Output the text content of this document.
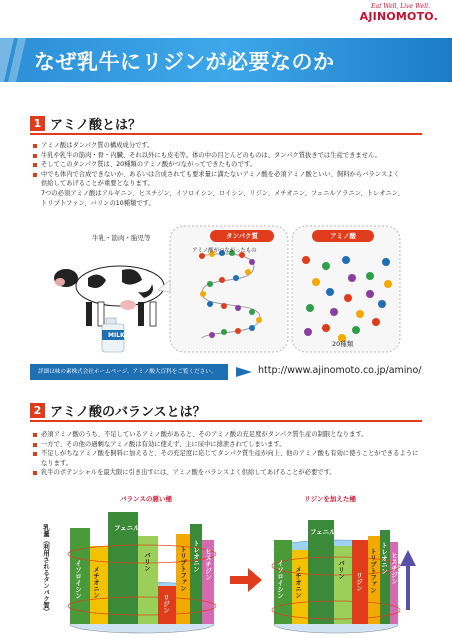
Eat Well, Live Well.
AJINOMOTO.
なぜ乳牛にリジンが必要なのか
1 アミノ酸とは？
アミノ酸はタンパク質の構成成分です。
牛乳や乳牛の筋肉・骨・内臓、それ以外にも皮毛等。体の中の目とんどのものは、タンパク質抜きでは生産できません。
そしてこのタンパク質は、20種類のアミノ酸がつながってできたものです。
中でも体内で合成できないか、あるいは合成されても要求量に満たないアミノ酸を必須アミノ酸といい、飼料からバランスよく
供給してあげることが重要となります。
7つの必須アミノ酸はアルギニン、ヒスチジン、イソロイシン、ロイシン、リジン、メチオニン、フェニルアラニン、トレオニン、
トリプトファン、バリンの10種類です。
牛乳・筋肉・胎児等
MILK
タンパク質
アミノ酸がつながったもの
アミノ酸
20種類
詳細は味の素株式会社ホームページ、アミノ酸大百科をご覧ください。	http://www.ajinomoto.co.jp/amino/
2 アミノ酸のバランスとは？
必須アミノ酸のうち、不足しているアミノ酸があると、そのアミノ酸の充足度がタンパク質生産の制限となります。
一方で、その他の過剰なアミノ酸は有効に使えず、主に尿中に排泄されてしまいます。
不足しがちなアミノ酸を飼料に加えると、その充足度に応じてタンパク質生産が向上、他のアミノ酸も有効に使うことができるように
なります。
乳牛のポテンシャルを最大限に引き出すには、アミノ酸をバランスよく供給してあげることが必要です。
バランスの悪い桶	リジンを加えた桶
乳量（利用されるタンパク質）	イソロイシン メチオニン
フェニルアラニン
バリン
リジン
トリプトファン トレオニン ヒスチジン	イソロイシン メチオニン
フェニルアラニン
バリン
リジン トリプトファン トレオニン ヒスチジン
